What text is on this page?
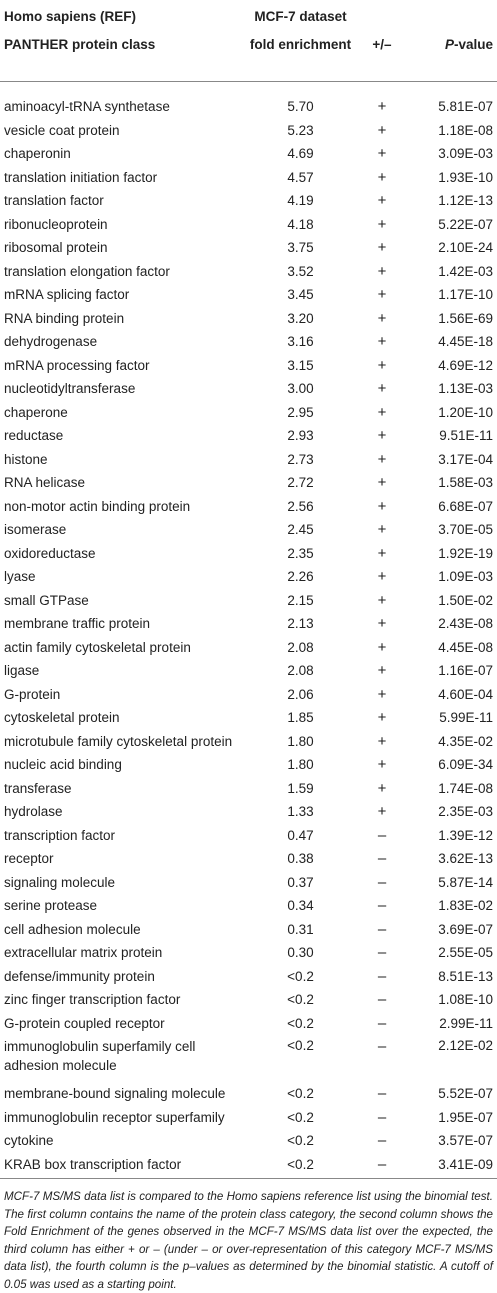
Homo sapiens (REF)	MCF-7 dataset		
PANTHER protein class	fold enrichment	+/–	P-value

aminoacyl-tRNA synthetase	5.70	+	5.81E-07
vesicle coat protein	5.23	+	1.18E-08
chaperonin	4.69	+	3.09E-03
translation initiation factor	4.57	+	1.93E-10
translation factor	4.19	+	1.12E-13
ribonucleoprotein	4.18	+	5.22E-07
ribosomal protein	3.75	+	2.10E-24
translation elongation factor	3.52	+	1.42E-03
mRNA splicing factor	3.45	+	1.17E-10
RNA binding protein	3.20	+	1.56E-69
dehydrogenase	3.16	+	4.45E-18
mRNA processing factor	3.15	+	4.69E-12
nucleotidyltransferase	3.00	+	1.13E-03
chaperone	2.95	+	1.20E-10
reductase	2.93	+	9.51E-11
histone	2.73	+	3.17E-04
RNA helicase	2.72	+	1.58E-03
non-motor actin binding protein	2.56	+	6.68E-07
isomerase	2.45	+	3.70E-05
oxidoreductase	2.35	+	1.92E-19
lyase	2.26	+	1.09E-03
small GTPase	2.15	+	1.50E-02
membrane traffic protein	2.13	+	2.43E-08
actin family cytoskeletal protein	2.08	+	4.45E-08
ligase	2.08	+	1.16E-07
G-protein	2.06	+	4.60E-04
cytoskeletal protein	1.85	+	5.99E-11
microtubule family cytoskeletal protein	1.80	+	4.35E-02
nucleic acid binding	1.80	+	6.09E-34
transferase	1.59	+	1.74E-08
hydrolase	1.33	+	2.35E-03
transcription factor	0.47	–	1.39E-12
receptor	0.38	–	3.62E-13
signaling molecule	0.37	–	5.87E-14
serine protease	0.34	–	1.83E-02
cell adhesion molecule	0.31	–	3.69E-07
extracellular matrix protein	0.30	–	2.55E-05
defense/immunity protein	<0.2	–	8.51E-13
zinc finger transcription factor	<0.2	–	1.08E-10
G-protein coupled receptor	<0.2	–	2.99E-11
immunoglobulin superfamily cell adhesion molecule	<0.2	–	2.12E-02
membrane-bound signaling molecule	<0.2	–	5.52E-07
immunoglobulin receptor superfamily	<0.2	–	1.95E-07
cytokine	<0.2	–	3.57E-07
KRAB box transcription factor	<0.2	–	3.41E-09
MCF-7 MS/MS data list is compared to the Homo sapiens reference list using the binomial test. The first column contains the name of the protein class category, the second column shows the Fold Enrichment of the genes observed in the MCF-7 MS/MS data list over the expected, the third column has either + or – (under – or over-representation of this category MCF-7 MS/MS data list), the fourth column is the p–values as determined by the binomial statistic. A cutoff of 0.05 was used as a starting point.
